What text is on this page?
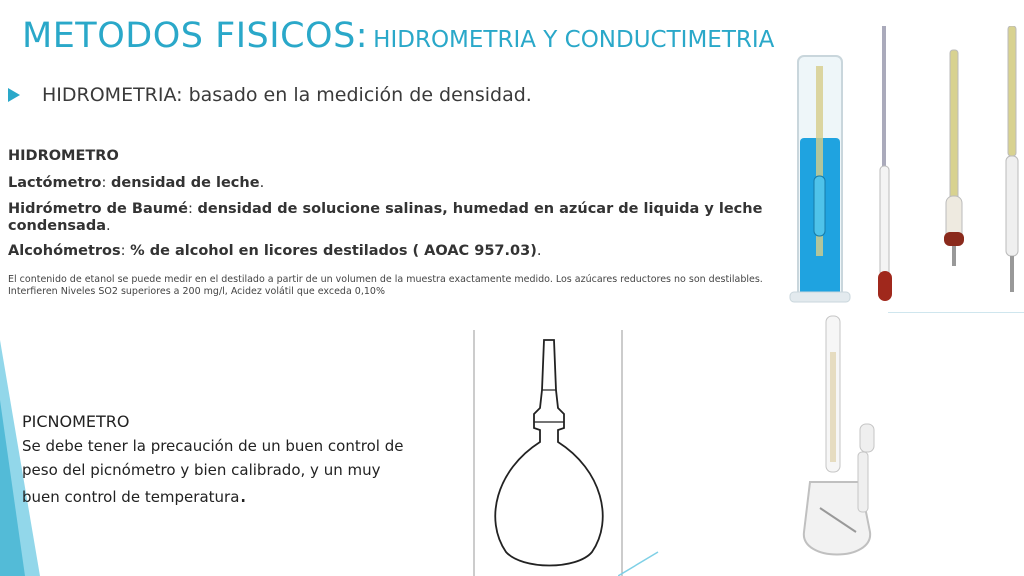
METODOS FISICOS: HIDROMETRIA Y CONDUCTIMETRIA
HIDROMETRIA: basado en la medición de densidad.
HIDROMETRO
Lactómetro: densidad de leche.
Hidrómetro de Baumé: densidad de solucione salinas, humedad en azúcar de liquida y leche condensada.
Alcohómetros: % de alcohol en licores destilados ( AOAC 957.03).
El contenido de etanol se puede medir en el destilado a partir de un volumen de la muestra exactamente medido. Los azúcares reductores no son destilables. Interfieren Niveles SO2 superiores a 200 mg/l, Acidez volátil que exceda 0,10%
PICNOMETRO
Se debe tener la precaución de un buen control de
peso del picnómetro y bien calibrado, y un muy
buen control de temperatura.
